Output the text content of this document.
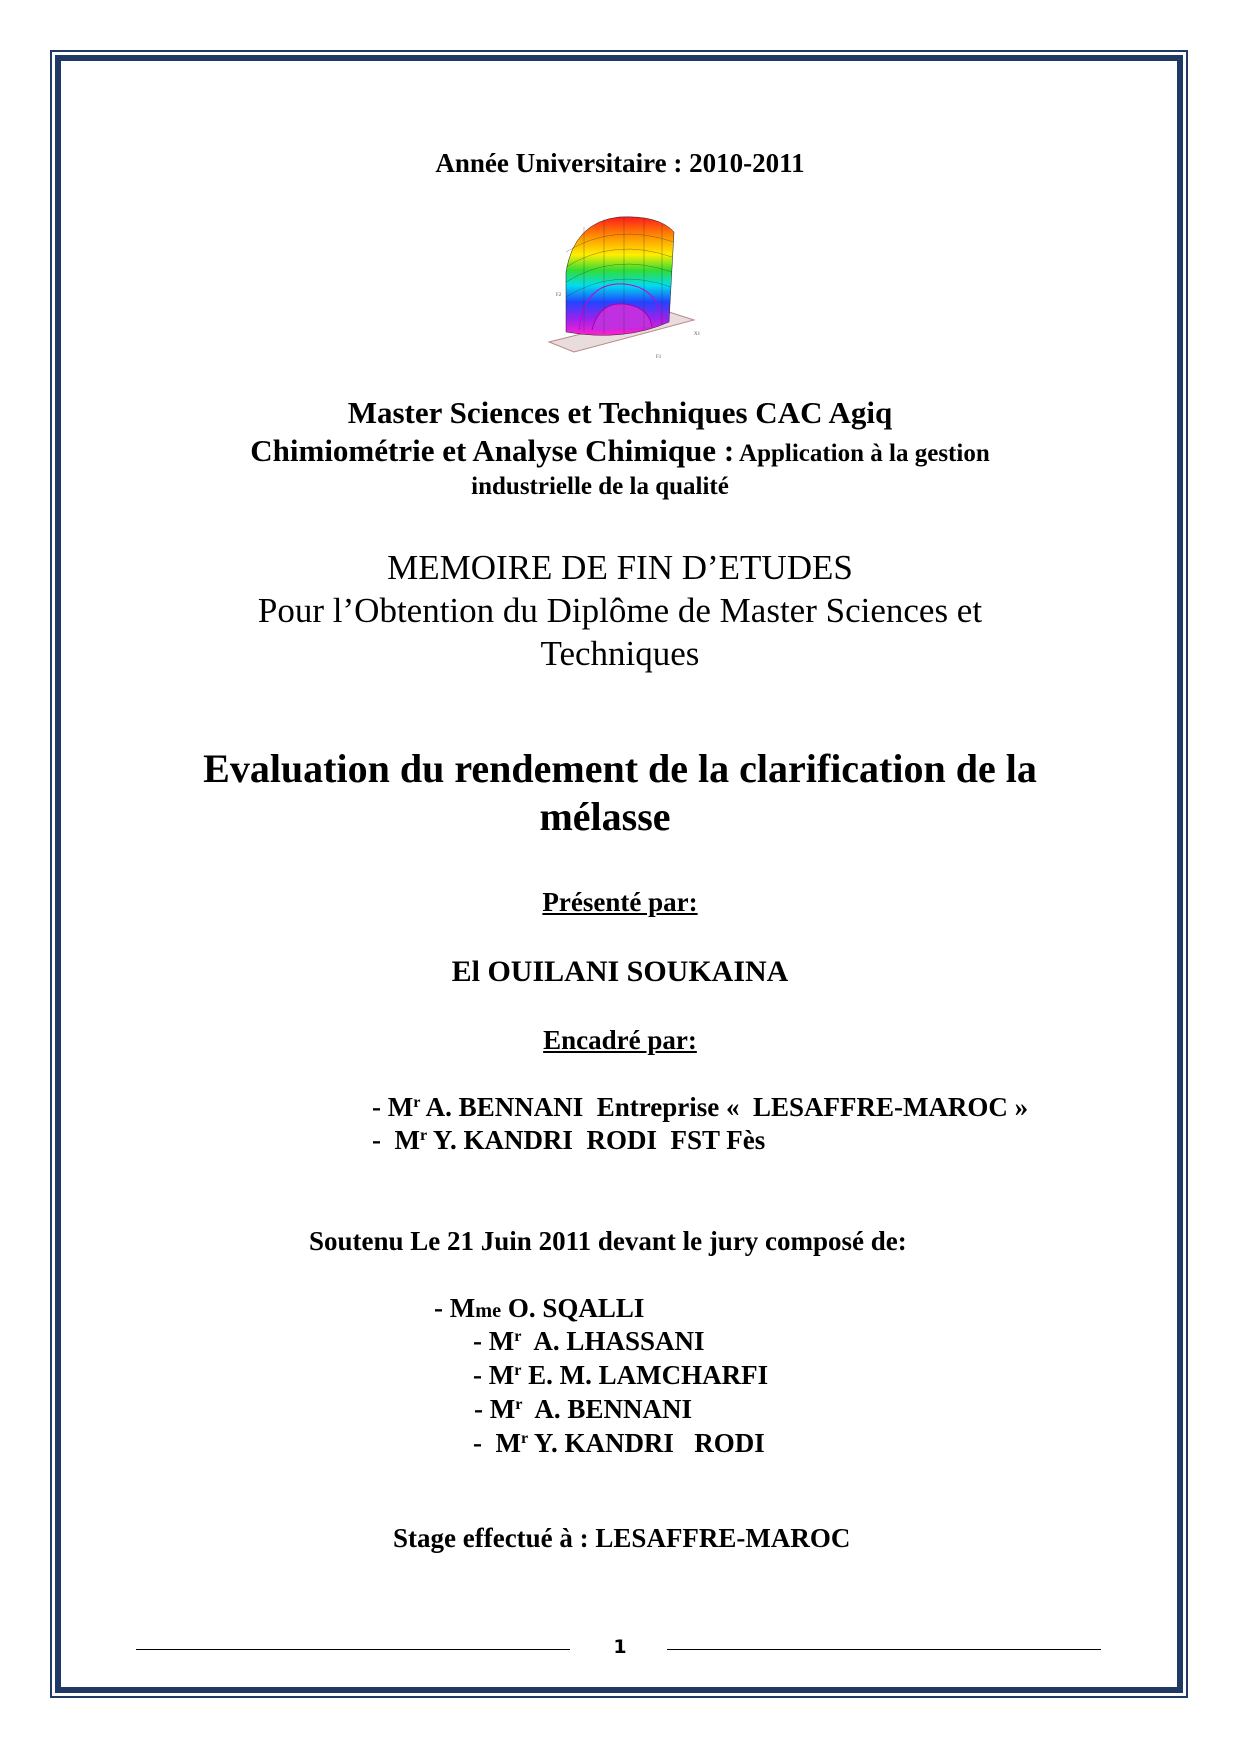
Année Universitaire : 2010-2011
F2
X1
F1
Master Sciences et Techniques CAC Agiq
Chimiométrie et Analyse Chimique : Application à la gestion
industrielle de la qualité
MEMOIRE DE FIN D’ETUDES
Pour l’Obtention du Diplôme de Master Sciences et
Techniques
Evaluation du rendement de la clarification de la
mélasse
Présenté par:
El OUILANI SOUKAINA
Encadré par:
- $M^r$ A. BENNANI  Entreprise «  LESAFFRE-MAROC »
-  $M^r$ Y. KANDRI  RODI  FST Fès
Soutenu Le 21 Juin 2011 devant le jury composé de:
- Mme O. SQALLI
- $M^r$  A. LHASSANI
- $M^r$ E. M. LAMCHARFI
- $M^r$  A. BENNANI
-  $M^r$ Y. KANDRI   RODI
Stage effectué à : LESAFFRE-MAROC
1
